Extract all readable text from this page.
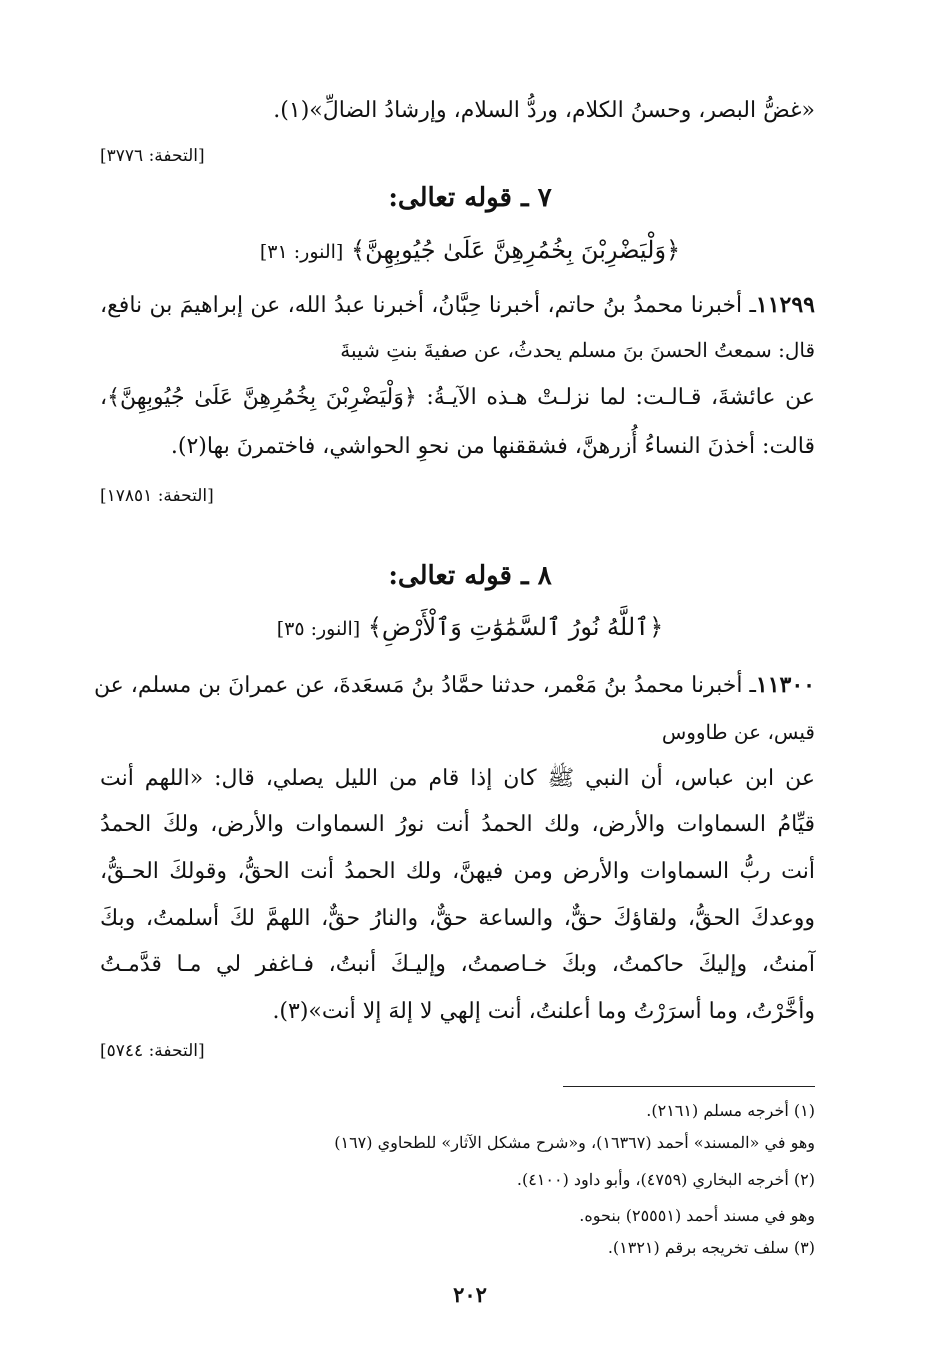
«غضُّ البصر، وحسنُ الكلام، وردُّ السلام، وإرشادُ الضالِّ»(١).
[التحفة: ٣٧٧٦]
٧ ـ قوله تعالى:
﴿وَلْيَضْرِبْنَ بِخُمُرِهِنَّ عَلَىٰ جُيُوبِهِنَّ﴾ [النور: ٣١]
١١٢٩٩ـ أخبرنا محمدُ بنُ حاتم، أخبرنا حِبَّانُ، أخبرنا عبدُ الله، عن إبراهيمَ بن نافع،
قال: سمعتُ الحسنَ بنَ مسلم يحدثُ، عن صفيةَ بنتِ شيبةَ
عن عائشةَ، قـالـت: لما نزلـتْ هـذه الآيـةُ: ﴿وَلْيَضْرِبْنَ بِخُمُرِهِنَّ عَلَىٰ جُيُوبِهِنَّ﴾،
قالت: أخذنَ النساءُ أُزرهنَّ، فشققنها من نحوِ الحواشي، فاختمرنَ بها(٢).
[التحفة: ١٧٨٥١]
٨ ـ قوله تعالى:
﴿ٱللَّهُ نُورُ ٱلسَّمَٰوَٰتِ وَٱلْأَرْضِ﴾ [النور: ٣٥]
١١٣٠٠ـ أخبرنا محمدُ بنُ مَعْمر، حدثنا حمَّادُ بنُ مَسعَدةَ، عن عمرانَ بن مسلم، عن
قيس، عن طاووس
عن ابن عباس، أن النبي ﷺ كان إذا قام من الليل يصلي، قال: «اللهم أنت
قيِّامُ السماوات والأرض، ولك الحمدُ أنت نورُ السماوات والأرض، ولكَ الحمدُ
أنت ربُّ السماوات والأرض ومن فيهنَّ، ولك الحمدُ أنت الحقُّ، وقولكَ الحـقُّ،
ووعدكَ الحقُّ، ولقاؤكَ حقٌّ، والساعة حقٌّ، والنارُ حقٌّ، اللهمَّ لكَ أسلمتُ، وبكَ
آمنتُ، وإليكَ حاكمتُ، وبكَ خـاصمتُ، وإليـكَ أنبتُ، فـاغفر لي مـا قدَّمـتُ
وأخَّرْتُ، وما أسرَرْتُ وما أعلنتُ، أنت إلهي لا إلهَ إلا أنت»(٣).
[التحفة: ٥٧٤٤]
(١) أخرجه مسلم (٢١٦١).
وهو في «المسند» أحمد (١٦٣٦٧)، و«شرح مشكل الآثار» للطحاوي (١٦٧)
(٢) أخرجه البخاري (٤٧٥٩)، وأبو داود (٤١٠٠).
وهو في مسند أحمد (٢٥٥٥١) بنحوه.
(٣) سلف تخريجه برقم (١٣٢١).
٢٠٢
